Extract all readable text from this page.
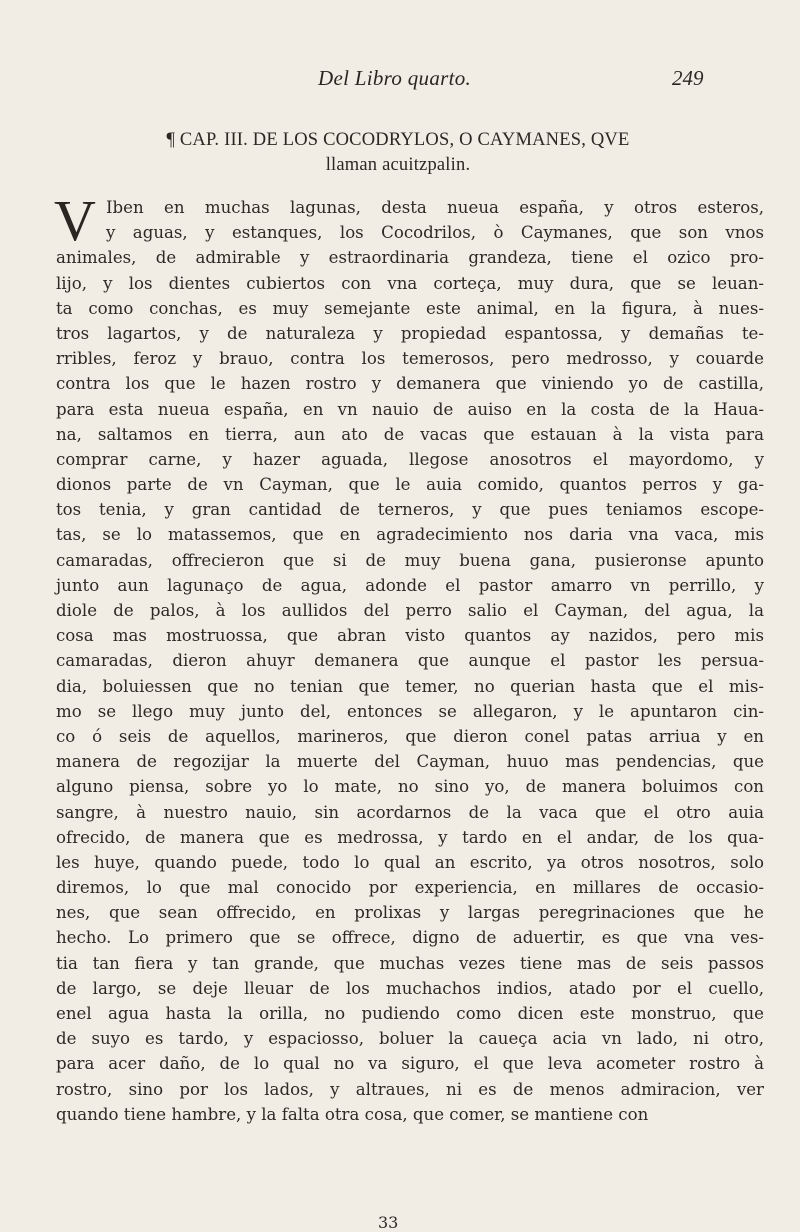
Del Libro quarto.	249
¶ CAP. III. DE LOS COCODRYLOS, O CAYMANES, QVE
llaman acuitzpalin.
V Iben en muchas lagunas, desta nueua españa, y otros esteros,
y aguas, y estanques, los Cocodrilos, ò Caymanes, que son vnos
animales, de admirable y estraordinaria grandeza, tiene el ozico pro-
lijo, y los dientes cubiertos con vna corteça, muy dura, que se leuan-
ta como conchas, es muy semejante este animal, en la figura, à nues-
tros lagartos, y de naturaleza y propiedad espantossa, y demañas te-
rribles, feroz y brauo, contra los temerosos, pero medrosso, y couarde
contra los que le hazen rostro y demanera que viniendo yo de castilla,
para esta nueua españa, en vn nauio de auiso en la costa de la Haua-
na, saltamos en tierra, aun ato de vacas que estauan à la vista para
comprar carne, y hazer aguada, llegose anosotros el mayordomo, y
dionos parte de vn Cayman, que le auia comido, quantos perros y ga-
tos tenia, y gran cantidad de terneros, y que pues teniamos escope-
tas, se lo matassemos, que en agradecimiento nos daria vna vaca, mis
camaradas, offrecieron que si de muy buena gana, pusieronse apunto
junto aun lagunaço de agua, adonde el pastor amarro vn perrillo, y
diole de palos, à los aullidos del perro salio el Cayman, del agua, la
cosa mas mostruossa, que abran visto quantos ay nazidos, pero mis
camaradas, dieron ahuyr demanera que aunque el pastor les persua-
dia, boluiessen que no tenian que temer, no querian hasta que el mis-
mo se llego muy junto del, entonces se allegaron, y le apuntaron cin-
co ó seis de aquellos, marineros, que dieron conel patas arriua y en
manera de regozijar la muerte del Cayman, huuo mas pendencias, que
alguno piensa, sobre yo lo mate, no sino yo, de manera boluimos con
sangre, à nuestro nauio, sin acordarnos de la vaca que el otro auia
ofrecido, de manera que es medrossa, y tardo en el andar, de los qua-
les huye, quando puede, todo lo qual an escrito, ya otros nosotros, solo
diremos, lo que mal conocido por experiencia, en millares de occasio-
nes, que sean offrecido, en prolixas y largas peregrinaciones que he
hecho. Lo primero que se offrece, digno de aduertir, es que vna ves-
tia tan fiera y tan grande, que muchas vezes tiene mas de seis passos
de largo, se deje lleuar de los muchachos indios, atado por el cuello,
enel agua hasta la orilla, no pudiendo como dicen este monstruo, que
de suyo es tardo, y espaciosso, boluer la caueça acia vn lado, ni otro,
para acer daño, de lo qual no va siguro, el que leva acometer rostro à
rostro, sino por los lados, y altraues, ni es de menos admiracion, ver
quando tiene hambre, y la falta otra cosa, que comer, se mantiene con
33
